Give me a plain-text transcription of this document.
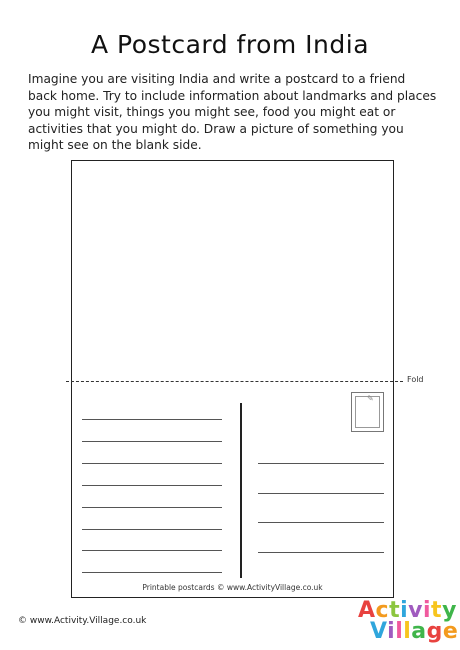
A Postcard from India
Imagine you are visiting India and write a postcard to a friend back home. Try to include information about landmarks and places you might visit, things you might see, food you might eat or activities that you might do. Draw a picture of something you might see on the blank side.
Fold
✎
Printable postcards © www.ActivityVillage.co.uk
© www.Activity.Village.co.uk	Activity
Village
